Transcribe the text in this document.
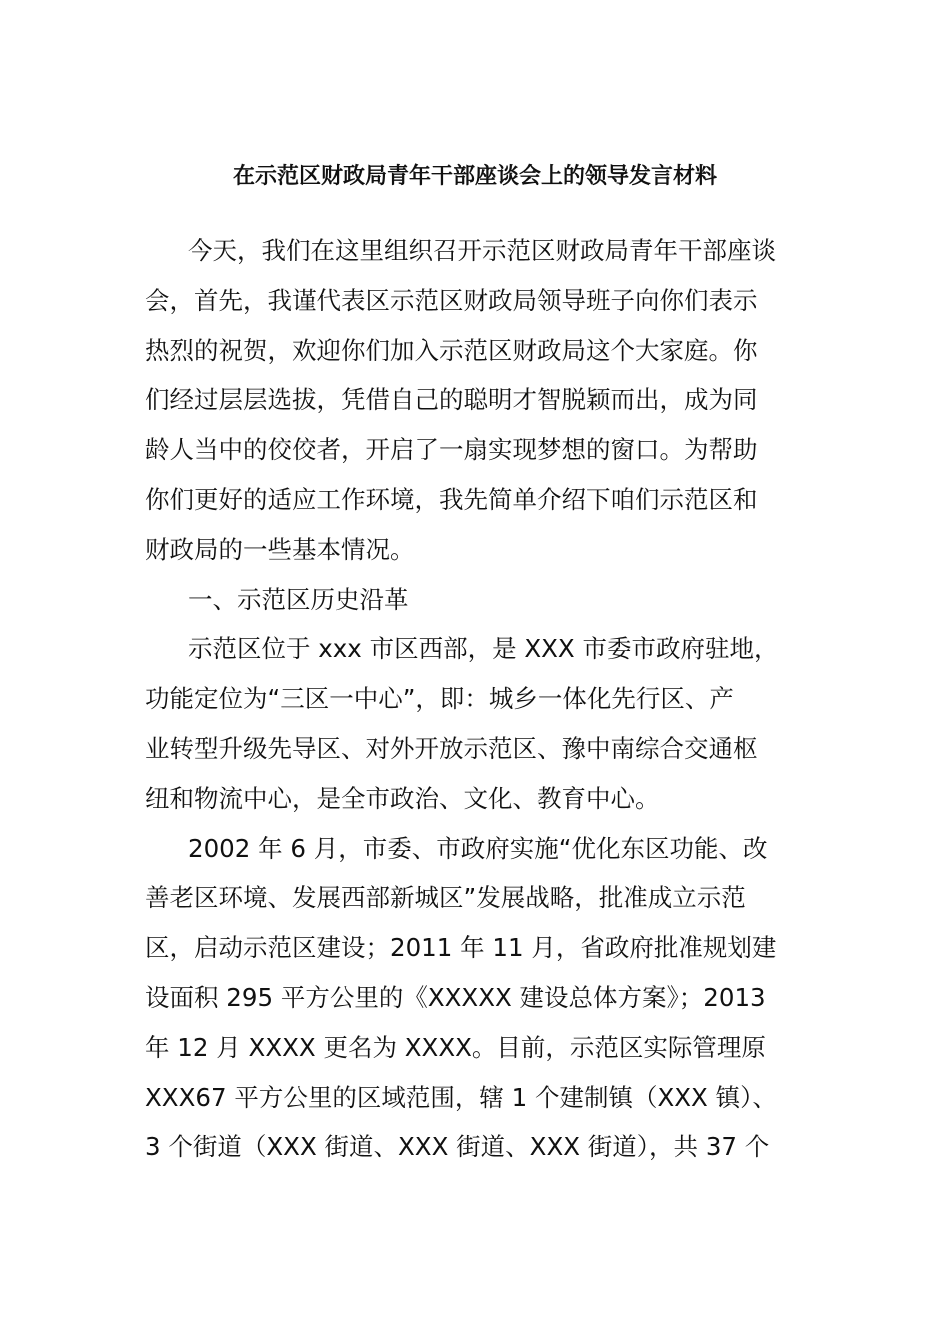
在示范区财政局青年干部座谈会上的领导发言材料
今天，我们在这里组织召开示范区财政局青年干部座谈
会，首先，我谨代表区示范区财政局领导班子向你们表示
热烈的祝贺，欢迎你们加入示范区财政局这个大家庭。你
们经过层层选拔，凭借自己的聪明才智脱颖而出，成为同
龄人当中的佼佼者，开启了一扇实现梦想的窗口。为帮助
你们更好的适应工作环境，我先简单介绍下咱们示范区和
财政局的一些基本情况。
一、示范区历史沿革
示范区位于 xxx 市区西部，是 XXX 市委市政府驻地，
功能定位为“三区一中心”，即：城乡一体化先行区、产
业转型升级先导区、对外开放示范区、豫中南综合交通枢
纽和物流中心，是全市政治、文化、教育中心。
2002 年 6 月，市委、市政府实施“优化东区功能、改
善老区环境、发展西部新城区”发展战略，批准成立示范
区，启动示范区建设；2011 年 11 月，省政府批准规划建
设面积 295 平方公里的《XXXXX 建设总体方案》；2013
年 12 月 XXXX 更名为 XXXX。目前，示范区实际管理原
XXX67 平方公里的区域范围，辖 1 个建制镇（XXX 镇）、
3 个街道（XXX 街道、XXX 街道、XXX 街道），共 37 个
